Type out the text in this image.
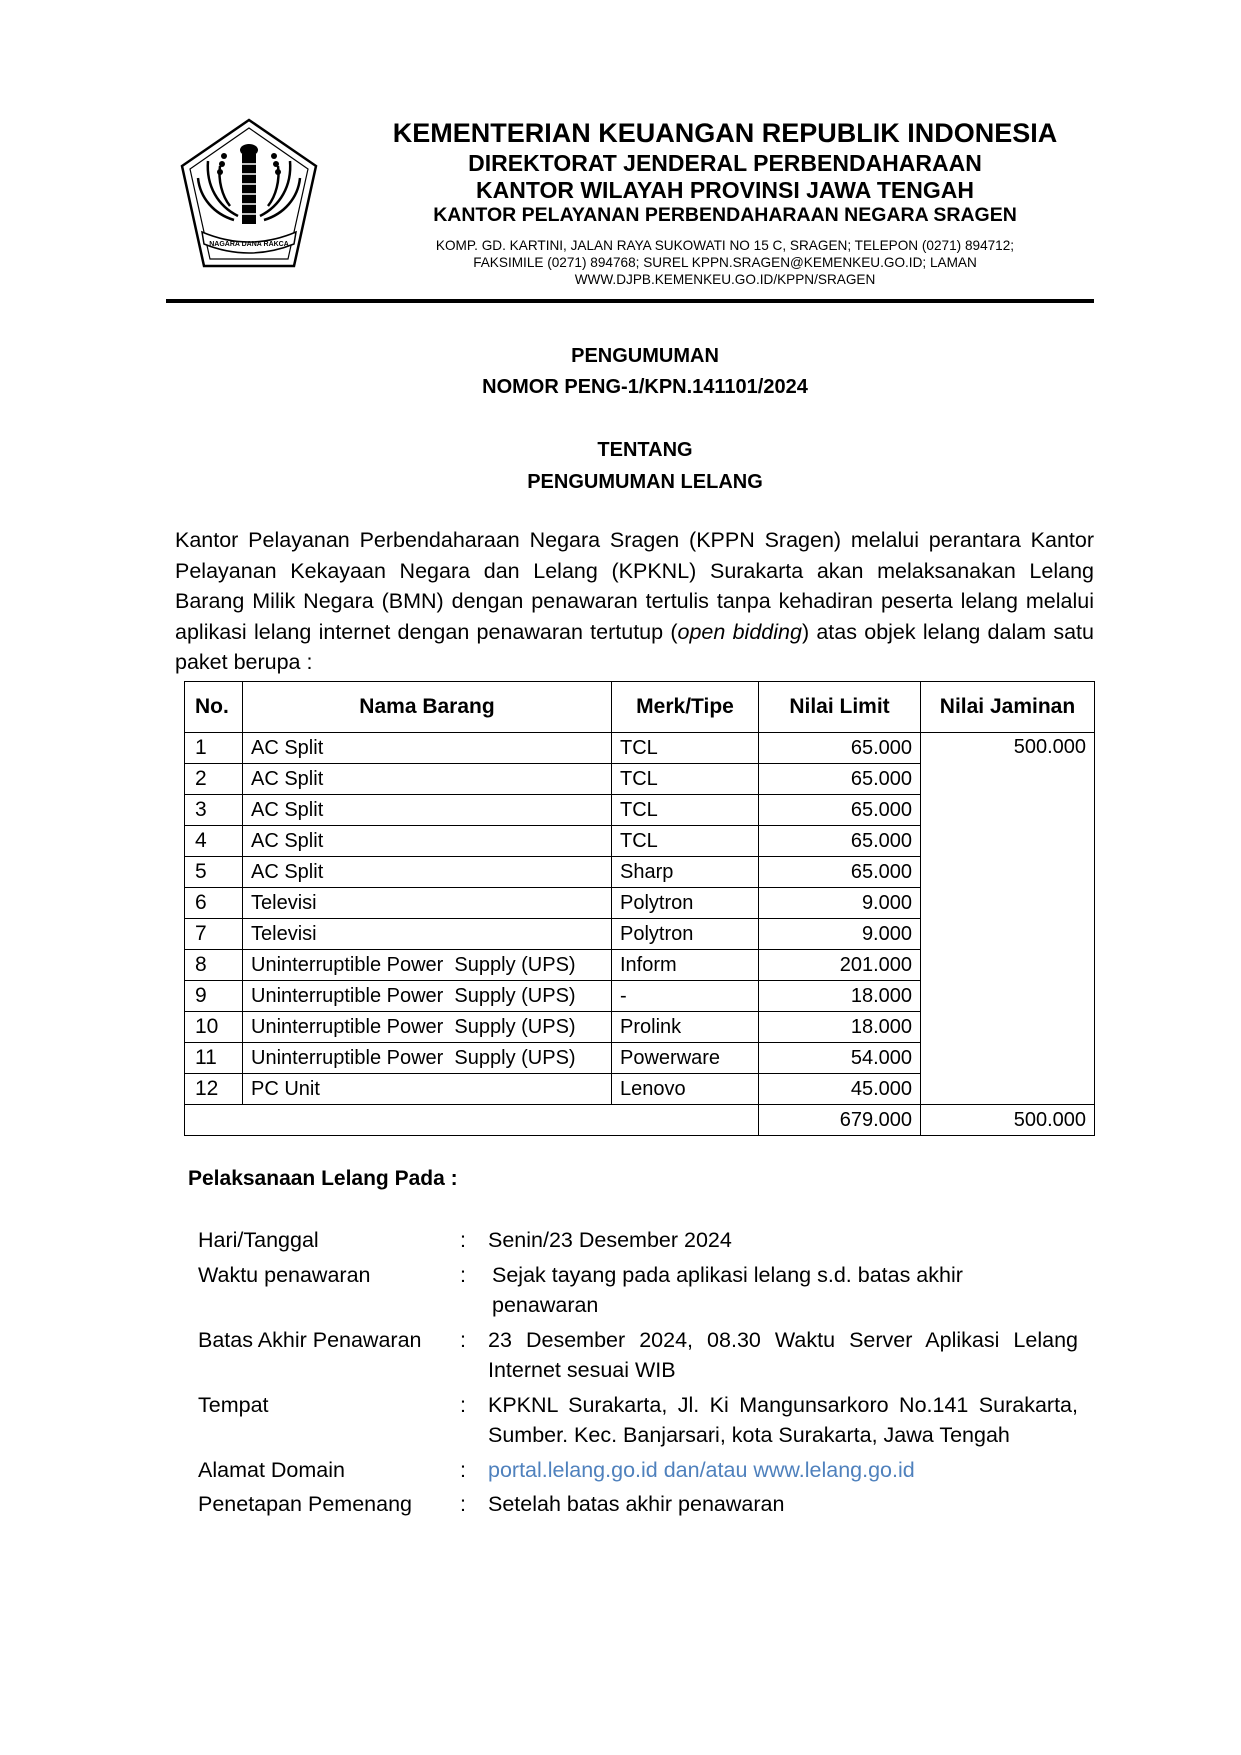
NAGARA DANA RAKCA
KEMENTERIAN KEUANGAN REPUBLIK INDONESIA
DIREKTORAT JENDERAL PERBENDAHARAAN
KANTOR WILAYAH PROVINSI JAWA TENGAH
KANTOR PELAYANAN PERBENDAHARAAN NEGARA SRAGEN
KOMP. GD. KARTINI, JALAN RAYA SUKOWATI NO 15 C, SRAGEN; TELEPON (0271) 894712;
FAKSIMILE (0271) 894768; SUREL KPPN.SRAGEN@KEMENKEU.GO.ID; LAMAN
WWW.DJPB.KEMENKEU.GO.ID/KPPN/SRAGEN
PENGUMUMAN
NOMOR PENG-1/KPN.141101/2024
TENTANG
PENGUMUMAN LELANG
Kantor Pelayanan Perbendaharaan Negara Sragen (KPPN Sragen) melalui perantara Kantor Pelayanan Kekayaan Negara dan Lelang (KPKNL) Surakarta akan melaksanakan Lelang Barang Milik Negara (BMN) dengan penawaran tertulis tanpa kehadiran peserta lelang melalui aplikasi lelang internet dengan penawaran tertutup (open bidding) atas objek lelang dalam satu paket berupa :
No.	Nama Barang	Merk/Tipe	Nilai Limit	Nilai Jaminan
1	AC Split	TCL	65.000	500.000
2	AC Split	TCL	65.000	
3	AC Split	TCL	65.000	
4	AC Split	TCL	65.000	
5	AC Split	Sharp	65.000	
6	Televisi	Polytron	9.000	
7	Televisi	Polytron	9.000	
8	Uninterruptible Power  Supply (UPS)	Inform	201.000	
9	Uninterruptible Power  Supply (UPS)	-	18.000	
10	Uninterruptible Power  Supply (UPS)	Prolink	18.000	
11	Uninterruptible Power  Supply (UPS)	Powerware	54.000	
12	PC Unit	Lenovo	45.000	
			679.000	500.000
Pelaksanaan Lelang Pada :
Hari/Tanggal	:	Senin/23 Desember 2024
Waktu penawaran	:	Sejak tayang pada aplikasi lelang s.d. batas akhir penawaran
Batas Akhir Penawaran	:	23 Desember 2024, 08.30 Waktu Server Aplikasi Lelang Internet sesuai WIB
Tempat	:	KPKNL Surakarta, Jl. Ki Mangunsarkoro No.141 Surakarta, Sumber. Kec. Banjarsari, kota Surakarta, Jawa Tengah
Alamat Domain	:	portal.lelang.go.id dan/atau www.lelang.go.id
Penetapan Pemenang	:	Setelah batas akhir penawaran
